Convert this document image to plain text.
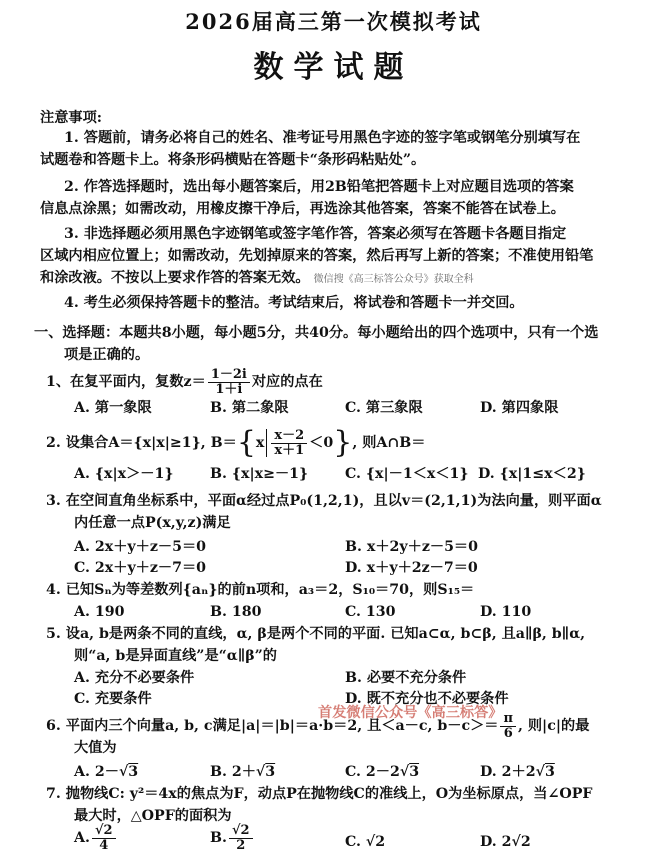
2026届高三第一次模拟考试
数学试题
注意事项:
1. 答题前，请务必将自己的姓名、准考证号用黑色字迹的签字笔或钢笔分别填写在
试题卷和答题卡上。将条形码横贴在答题卡“条形码粘贴处”。
2. 作答选择题时，选出每小题答案后，用2B铅笔把答题卡上对应题目选项的答案
信息点涂黑；如需改动，用橡皮擦干净后，再选涂其他答案，答案不能答在试卷上。
3. 非选择题必须用黑色字迹钢笔或签字笔作答，答案必须写在答题卡各题目指定
区域内相应位置上；如需改动，先划掉原来的答案，然后再写上新的答案；不准使用铅笔
和涂改液。不按以上要求作答的答案无效。 微信搜《高三标答公众号》获取全科
4. 考生必须保持答题卡的整洁。考试结束后，将试卷和答题卡一并交回。
一、选择题：本题共8小题，每小题5分，共40分。每小题给出的四个选项中，只有一个选
项是正确的。
1、在复平面内，复数$z= \frac{1-2i}{1+i}$ 对应的点在
A. 第一象限	B. 第二象限	C. 第三象限	D. 第四象限
2. 设集合A＝{x|x|≥1}, $B=\{x \frac{x-2}{x+1} <0\}$, 则A∩B＝
A. {x|x＞－1}	B. {x|x≥－1}	C. {x|－1＜x＜1} D. {x|1≤x＜2}
3. 在空间直角坐标系中，平面α经过点P₀(1,2,1)，且以v＝(2,1,1)为法向量，则平面α
内任意一点P(x,y,z)满足
A. 2x＋y＋z－5＝0	B. x＋2y＋z－5＝0
C. 2x＋y＋z－7＝0	D. x＋y＋2z－7＝0
4. 已知Sₙ为等差数列{aₙ}的前n项和，a₃＝2，S₁₀＝70，则S₁₅＝
A. 190	B. 180	C. 130	D. 110
5. 设a, b是两条不同的直线，α, β是两个不同的平面. 已知a⊂α, b⊂β, 且a∥β, b∥α,
则“a, b是异面直线”是“α∥β”的
A. 充分不必要条件	B. 必要不充分条件
C. 充要条件	D. 既不充分也不必要条件
首发微信公众号《高三标答》
6. 平面内三个向量a, b, c满足|a|＝|b|＝a·b＝2, 且＜a－c, $b-c>= \frac{\pi}{6}$ , 则|c|的最
大值为
A. 2－√3	B. 2＋√3	C. 2－2√3	D. 2＋2√3
7. 抛物线C: y²＝4x的焦点为F，动点P在抛物线C的准线上，O为坐标原点，当∠OPF
最大时，△OPF的面积为
A. $\frac{√2}{4}$	B. $\frac{√2}{2}$	C. √2	D. 2√2
